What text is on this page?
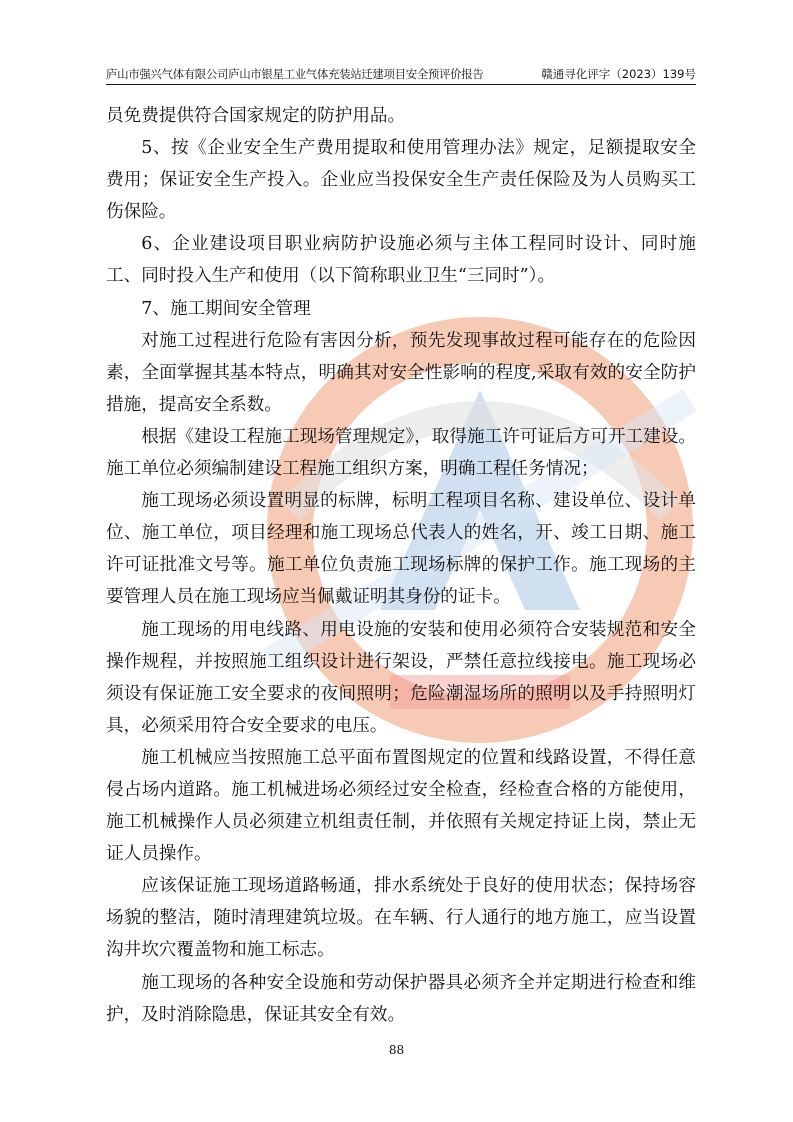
庐山市强兴气体有限公司庐山市银星工业气体充装站迁建项目安全预评价报告	赣通寻化评字（2023）139号

员免费提供符合国家规定的防护用品。

5、按《企业安全生产费用提取和使用管理办法》规定，足额提取安全费用；保证安全生产投入。企业应当投保安全生产责任保险及为人员购买工伤保险。

6、企业建设项目职业病防护设施必须与主体工程同时设计、同时施工、同时投入生产和使用（以下简称职业卫生“三同时”）。

7、施工期间安全管理

对施工过程进行危险有害因分析，预先发现事故过程可能存在的危险因素，全面掌握其基本特点，明确其对安全性影响的程度,采取有效的安全防护措施，提高安全系数。

根据《建设工程施工现场管理规定》，取得施工许可证后方可开工建设。施工单位必须编制建设工程施工组织方案，明确工程任务情况；

施工现场必须设置明显的标牌，标明工程项目名称、建设单位、设计单位、施工单位，项目经理和施工现场总代表人的姓名，开、竣工日期、施工许可证批准文号等。施工单位负责施工现场标牌的保护工作。施工现场的主要管理人员在施工现场应当佩戴证明其身份的证卡。

施工现场的用电线路、用电设施的安装和使用必须符合安装规范和安全操作规程，并按照施工组织设计进行架设，严禁任意拉线接电。施工现场必须设有保证施工安全要求的夜间照明；危险潮湿场所的照明以及手持照明灯具，必须采用符合安全要求的电压。

施工机械应当按照施工总平面布置图规定的位置和线路设置，不得任意侵占场内道路。施工机械进场必须经过安全检查，经检查合格的方能使用，施工机械操作人员必须建立机组责任制，并依照有关规定持证上岗，禁止无证人员操作。

应该保证施工现场道路畅通，排水系统处于良好的使用状态；保持场容场貌的整洁，随时清理建筑垃圾。在车辆、行人通行的地方施工，应当设置沟井坎穴覆盖物和施工标志。

施工现场的各种安全设施和劳动保护器具必须齐全并定期进行检查和维护，及时消除隐患，保证其安全有效。

88
